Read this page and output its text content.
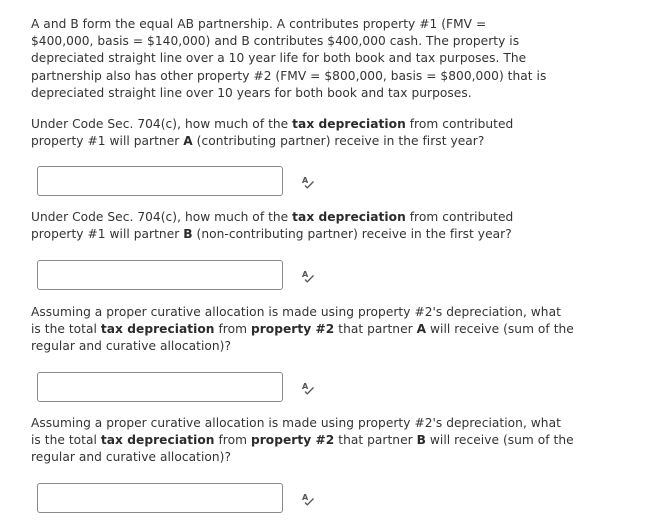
A and B form the equal AB partnership. A contributes property #1 (FMV =

$400,000, basis = $140,000) and B contributes $400,000 cash. The property is

depreciated straight line over a 10 year life for both book and tax purposes. The

partnership also has other property #2 (FMV = $800,000, basis = $800,000) that is

depreciated straight line over 10 years for both book and tax purposes.

Under Code Sec. 704(c), how much of the tax depreciation from contributed

property #1 will partner A (contributing partner) receive in the first year?

A

Under Code Sec. 704(c), how much of the tax depreciation from contributed

property #1 will partner B (non-contributing partner) receive in the first year?

A

Assuming a proper curative allocation is made using property #2's depreciation, what

is the total tax depreciation from property #2 that partner A will receive (sum of the

regular and curative allocation)?

A

Assuming a proper curative allocation is made using property #2's depreciation, what

is the total tax depreciation from property #2 that partner B will receive (sum of the

regular and curative allocation)?

A
